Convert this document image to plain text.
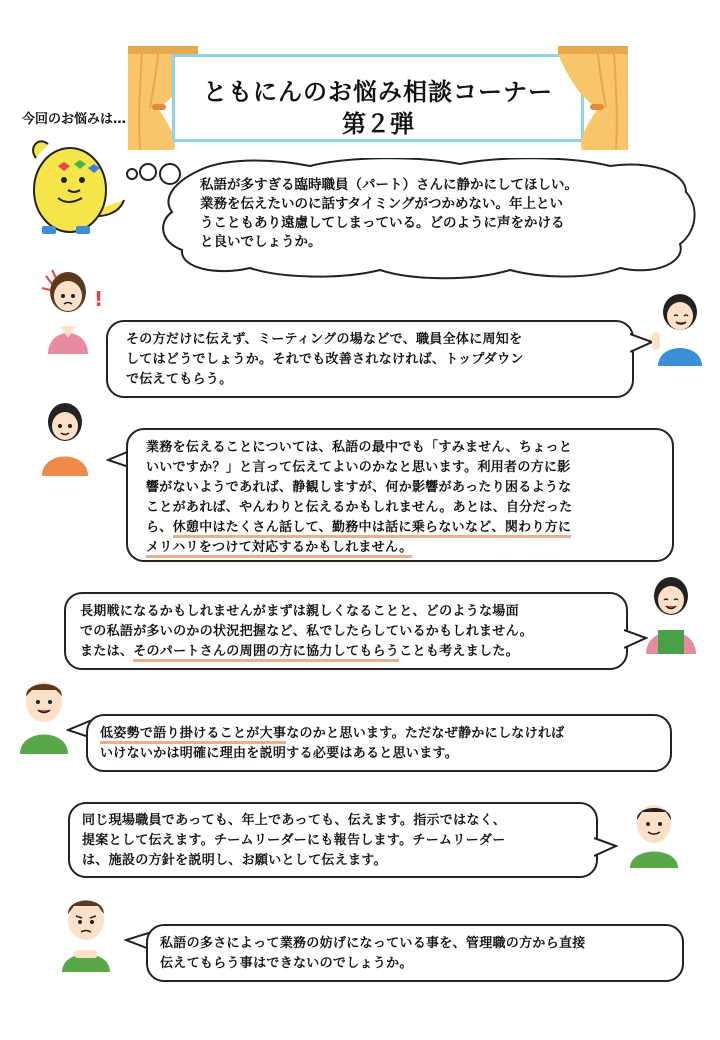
ともにんのお悩み相談コーナー
第２弾
今回のお悩みは…

私語が多すぎる臨時職員（パート）さんに静かにしてほしい。

業務を伝えたいのに話すタイミングがつかめない。年上とい

うこともあり遠慮してしまっている。どのように声をかける

と良いでしょうか。

!

その方だけに伝えず、ミーティングの場などで、職員全体に周知を

してはどうでしょうか。それでも改善されなければ、トップダウン

で伝えてもらう。

業務を伝えることについては、私語の最中でも「すみません、ちょっと

いいですか？」と言って伝えてよいのかなと思います。利用者の方に影

響がないようであれば、静観しますが、何か影響があったり困るような

ことがあれば、やんわりと伝えるかもしれません。あとは、自分だった

ら、休憩中はたくさん話して、勤務中は話に乗らないなど、関わり方に

メリハリをつけて対応するかもしれません。

長期戦になるかもしれませんがまずは親しくなることと、どのような場面

での私語が多いのかの状況把握など、私でしたらしているかもしれません。

または、そのパートさんの周囲の方に協力してもらうことも考えました。

低姿勢で語り掛けることが大事なのかと思います。ただなぜ静かにしなければ

いけないかは明確に理由を説明する必要はあると思います。

同じ現場職員であっても、年上であっても、伝えます。指示ではなく、

提案として伝えます。チームリーダーにも報告します。チームリーダー

は、施設の方針を説明し、お願いとして伝えます。

私語の多さによって業務の妨げになっている事を、管理職の方から直接

伝えてもらう事はできないのでしょうか。
